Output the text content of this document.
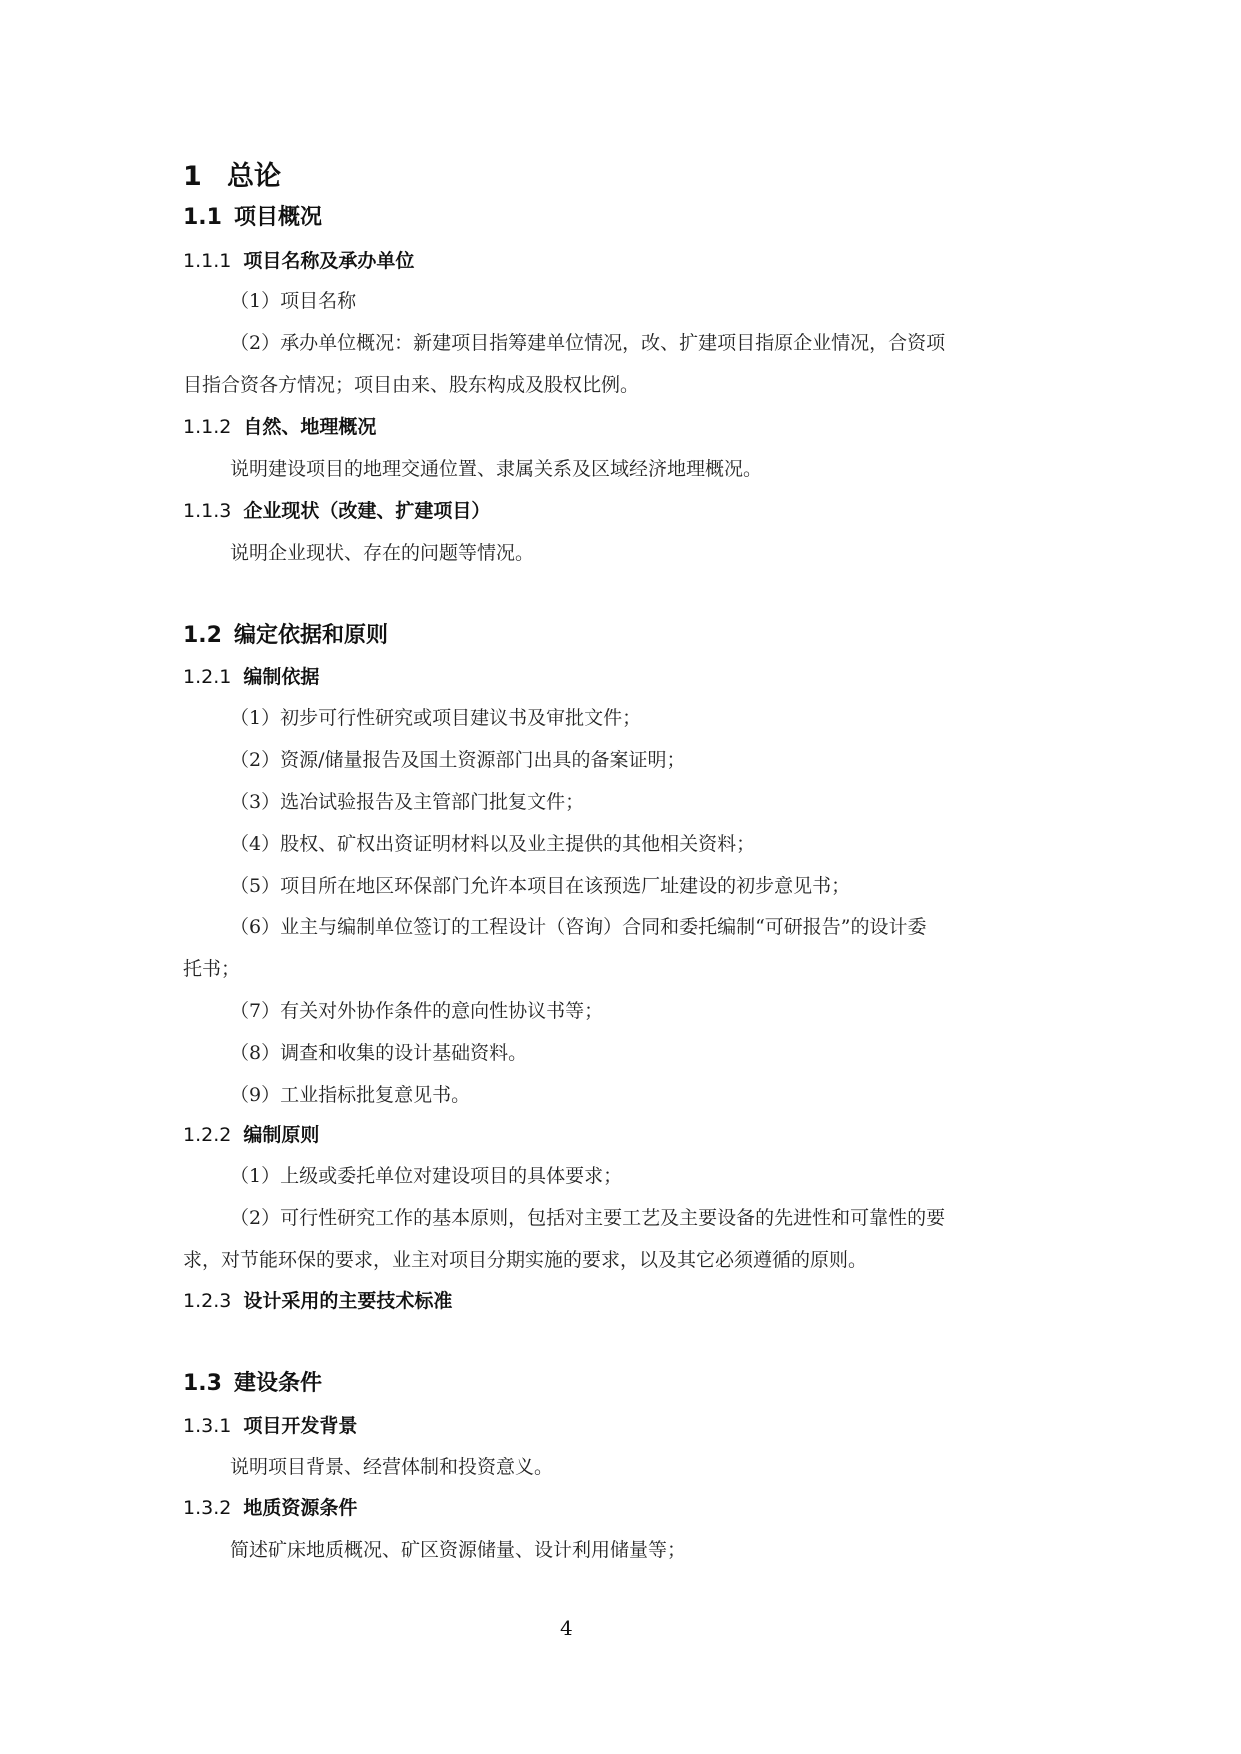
1 总论
1.1 项目概况
1.1.1 项目名称及承办单位
（1）项目名称
（2）承办单位概况：新建项目指筹建单位情况，改、扩建项目指原企业情况，合资项
目指合资各方情况；项目由来、股东构成及股权比例。
1.1.2 自然、地理概况
说明建设项目的地理交通位置、隶属关系及区域经济地理概况。
1.1.3 企业现状（改建、扩建项目）
说明企业现状、存在的问题等情况。
1.2 编定依据和原则
1.2.1 编制依据
（1）初步可行性研究或项目建议书及审批文件；
（2）资源/储量报告及国土资源部门出具的备案证明；
（3）选冶试验报告及主管部门批复文件；
（4）股权、矿权出资证明材料以及业主提供的其他相关资料；
（5）项目所在地区环保部门允许本项目在该预选厂址建设的初步意见书；
（6）业主与编制单位签订的工程设计（咨询）合同和委托编制“可研报告”的设计委
托书；
（7）有关对外协作条件的意向性协议书等；
（8）调查和收集的设计基础资料。
（9）工业指标批复意见书。
1.2.2 编制原则
（1）上级或委托单位对建设项目的具体要求；
（2）可行性研究工作的基本原则，包括对主要工艺及主要设备的先进性和可靠性的要
求，对节能环保的要求，业主对项目分期实施的要求，以及其它必须遵循的原则。
1.2.3 设计采用的主要技术标准
1.3 建设条件
1.3.1 项目开发背景
说明项目背景、经营体制和投资意义。
1.3.2 地质资源条件
简述矿床地质概况、矿区资源储量、设计利用储量等；
4
